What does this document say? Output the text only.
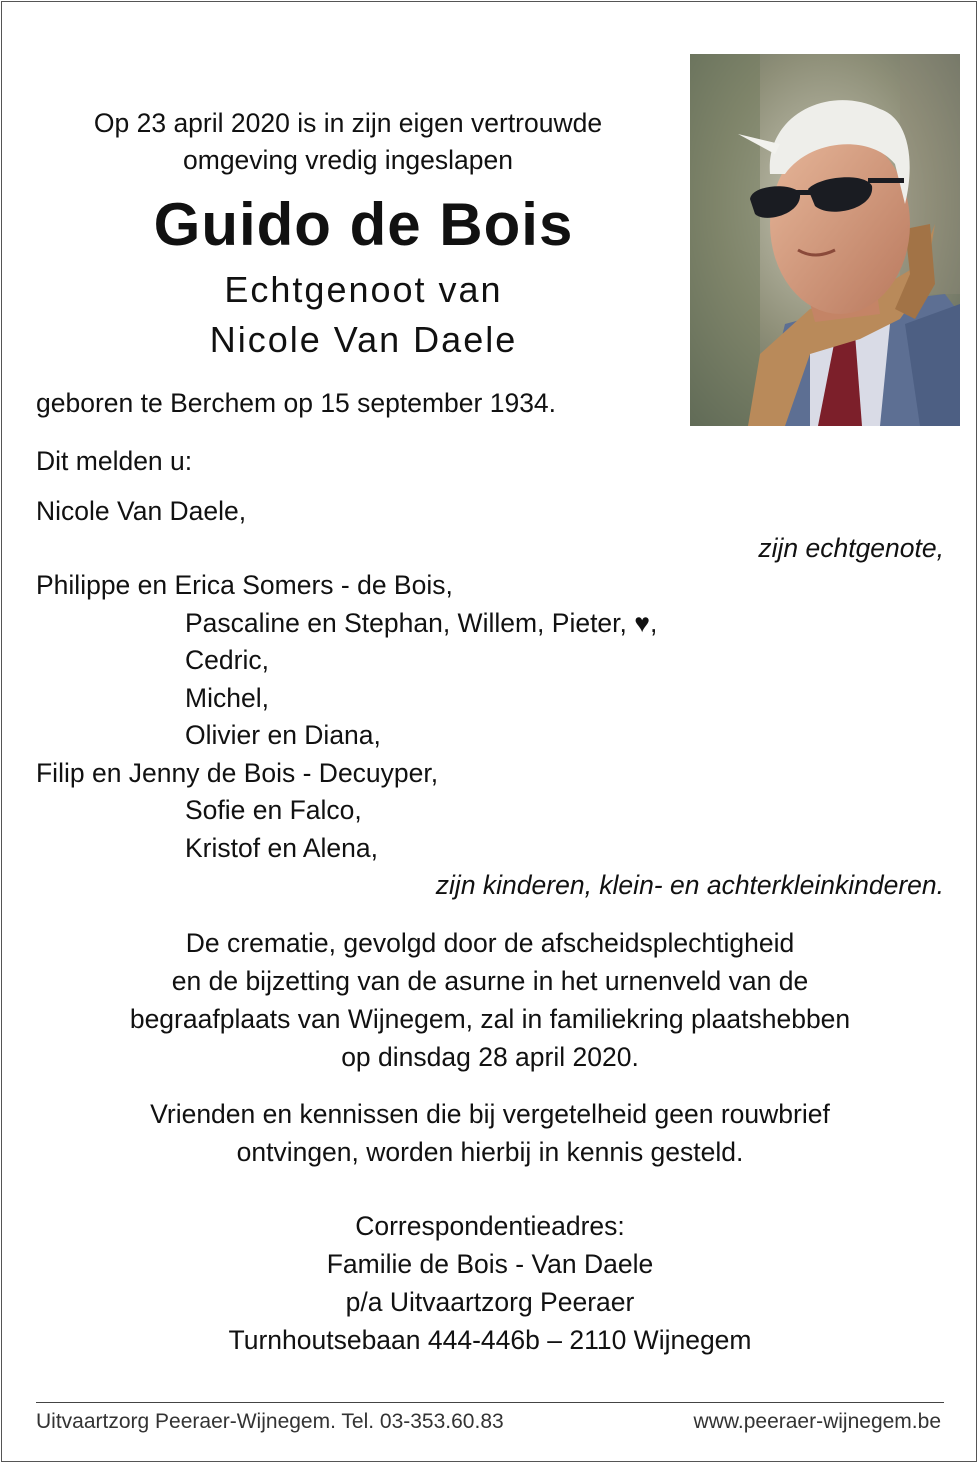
Op 23 april 2020 is in zijn eigen vertrouwde

omgeving vredig ingeslapen

Guido de Bois

Echtgenoot van

Nicole Van Daele

geboren te Berchem op 15 september 1934.

Dit melden u:

Nicole Van Daele,

zijn echtgenote,

Philippe en Erica Somers - de Bois,

Pascaline en Stephan, Willem, Pieter, ♥,

Cedric,

Michel,

Olivier en Diana,

Filip en Jenny de Bois - Decuyper,

Sofie en Falco,

Kristof en Alena,

zijn kinderen, klein- en achterkleinkinderen.

De crematie, gevolgd door de afscheidsplechtigheid

en de bijzetting van de asurne in het urnenveld van de

begraafplaats van Wijnegem, zal in familiekring plaatshebben

op dinsdag 28 april 2020.

Vrienden en kennissen die bij vergetelheid geen rouwbrief

ontvingen, worden hierbij in kennis gesteld.

Correspondentieadres:

Familie de Bois - Van Daele

p/a Uitvaartzorg Peeraer

Turnhoutsebaan 444-446b – 2110 Wijnegem

Uitvaartzorg Peeraer-Wijnegem. Tel. 03-353.60.83	www.peeraer-wijnegem.be
